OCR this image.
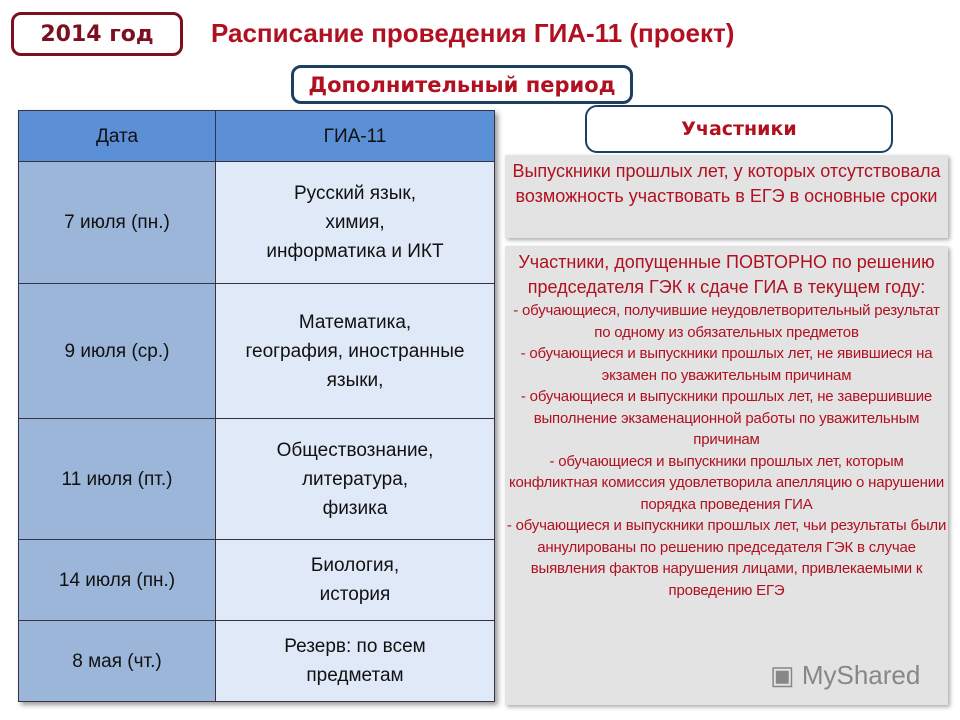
2014 год	Расписание проведения ГИА-11 (проект)
Дополнительный период
Дата	ГИА-11
7 июля (пн.)	Русский язык,
химия,
информатика и ИКТ

9 июля (ср.)	Математика,
география, иностранные
языки,

11 июля (пт.)	Обществознание,
литература,
физика

14 июля (пн.)	Биология,
история

8 мая (чт.)	Резерв: по всем
предметам
Участники
Выпускники прошлых лет, у которых отсутствовала возможность участвовать в ЕГЭ в основные сроки
Участники, допущенные ПОВТОРНО по решению председателя ГЭК к сдаче ГИА в текущем году:
- обучающиеся, получившие неудовлетворительный результат по одному из обязательных предметов
- обучающиеся и выпускники прошлых лет, не явившиеся на экзамен по уважительным причинам
- обучающиеся и выпускники прошлых лет, не завершившие выполнение экзаменационной работы по уважительным причинам
- обучающиеся и выпускники прошлых лет, которым конфликтная комиссия удовлетворила апелляцию о нарушении порядка проведения ГИА
- обучающиеся и выпускники прошлых лет, чьи результаты были аннулированы по решению председателя ГЭК в случае выявления фактов нарушения лицами, привлекаемыми к проведению ЕГЭ
▣ MyShared
